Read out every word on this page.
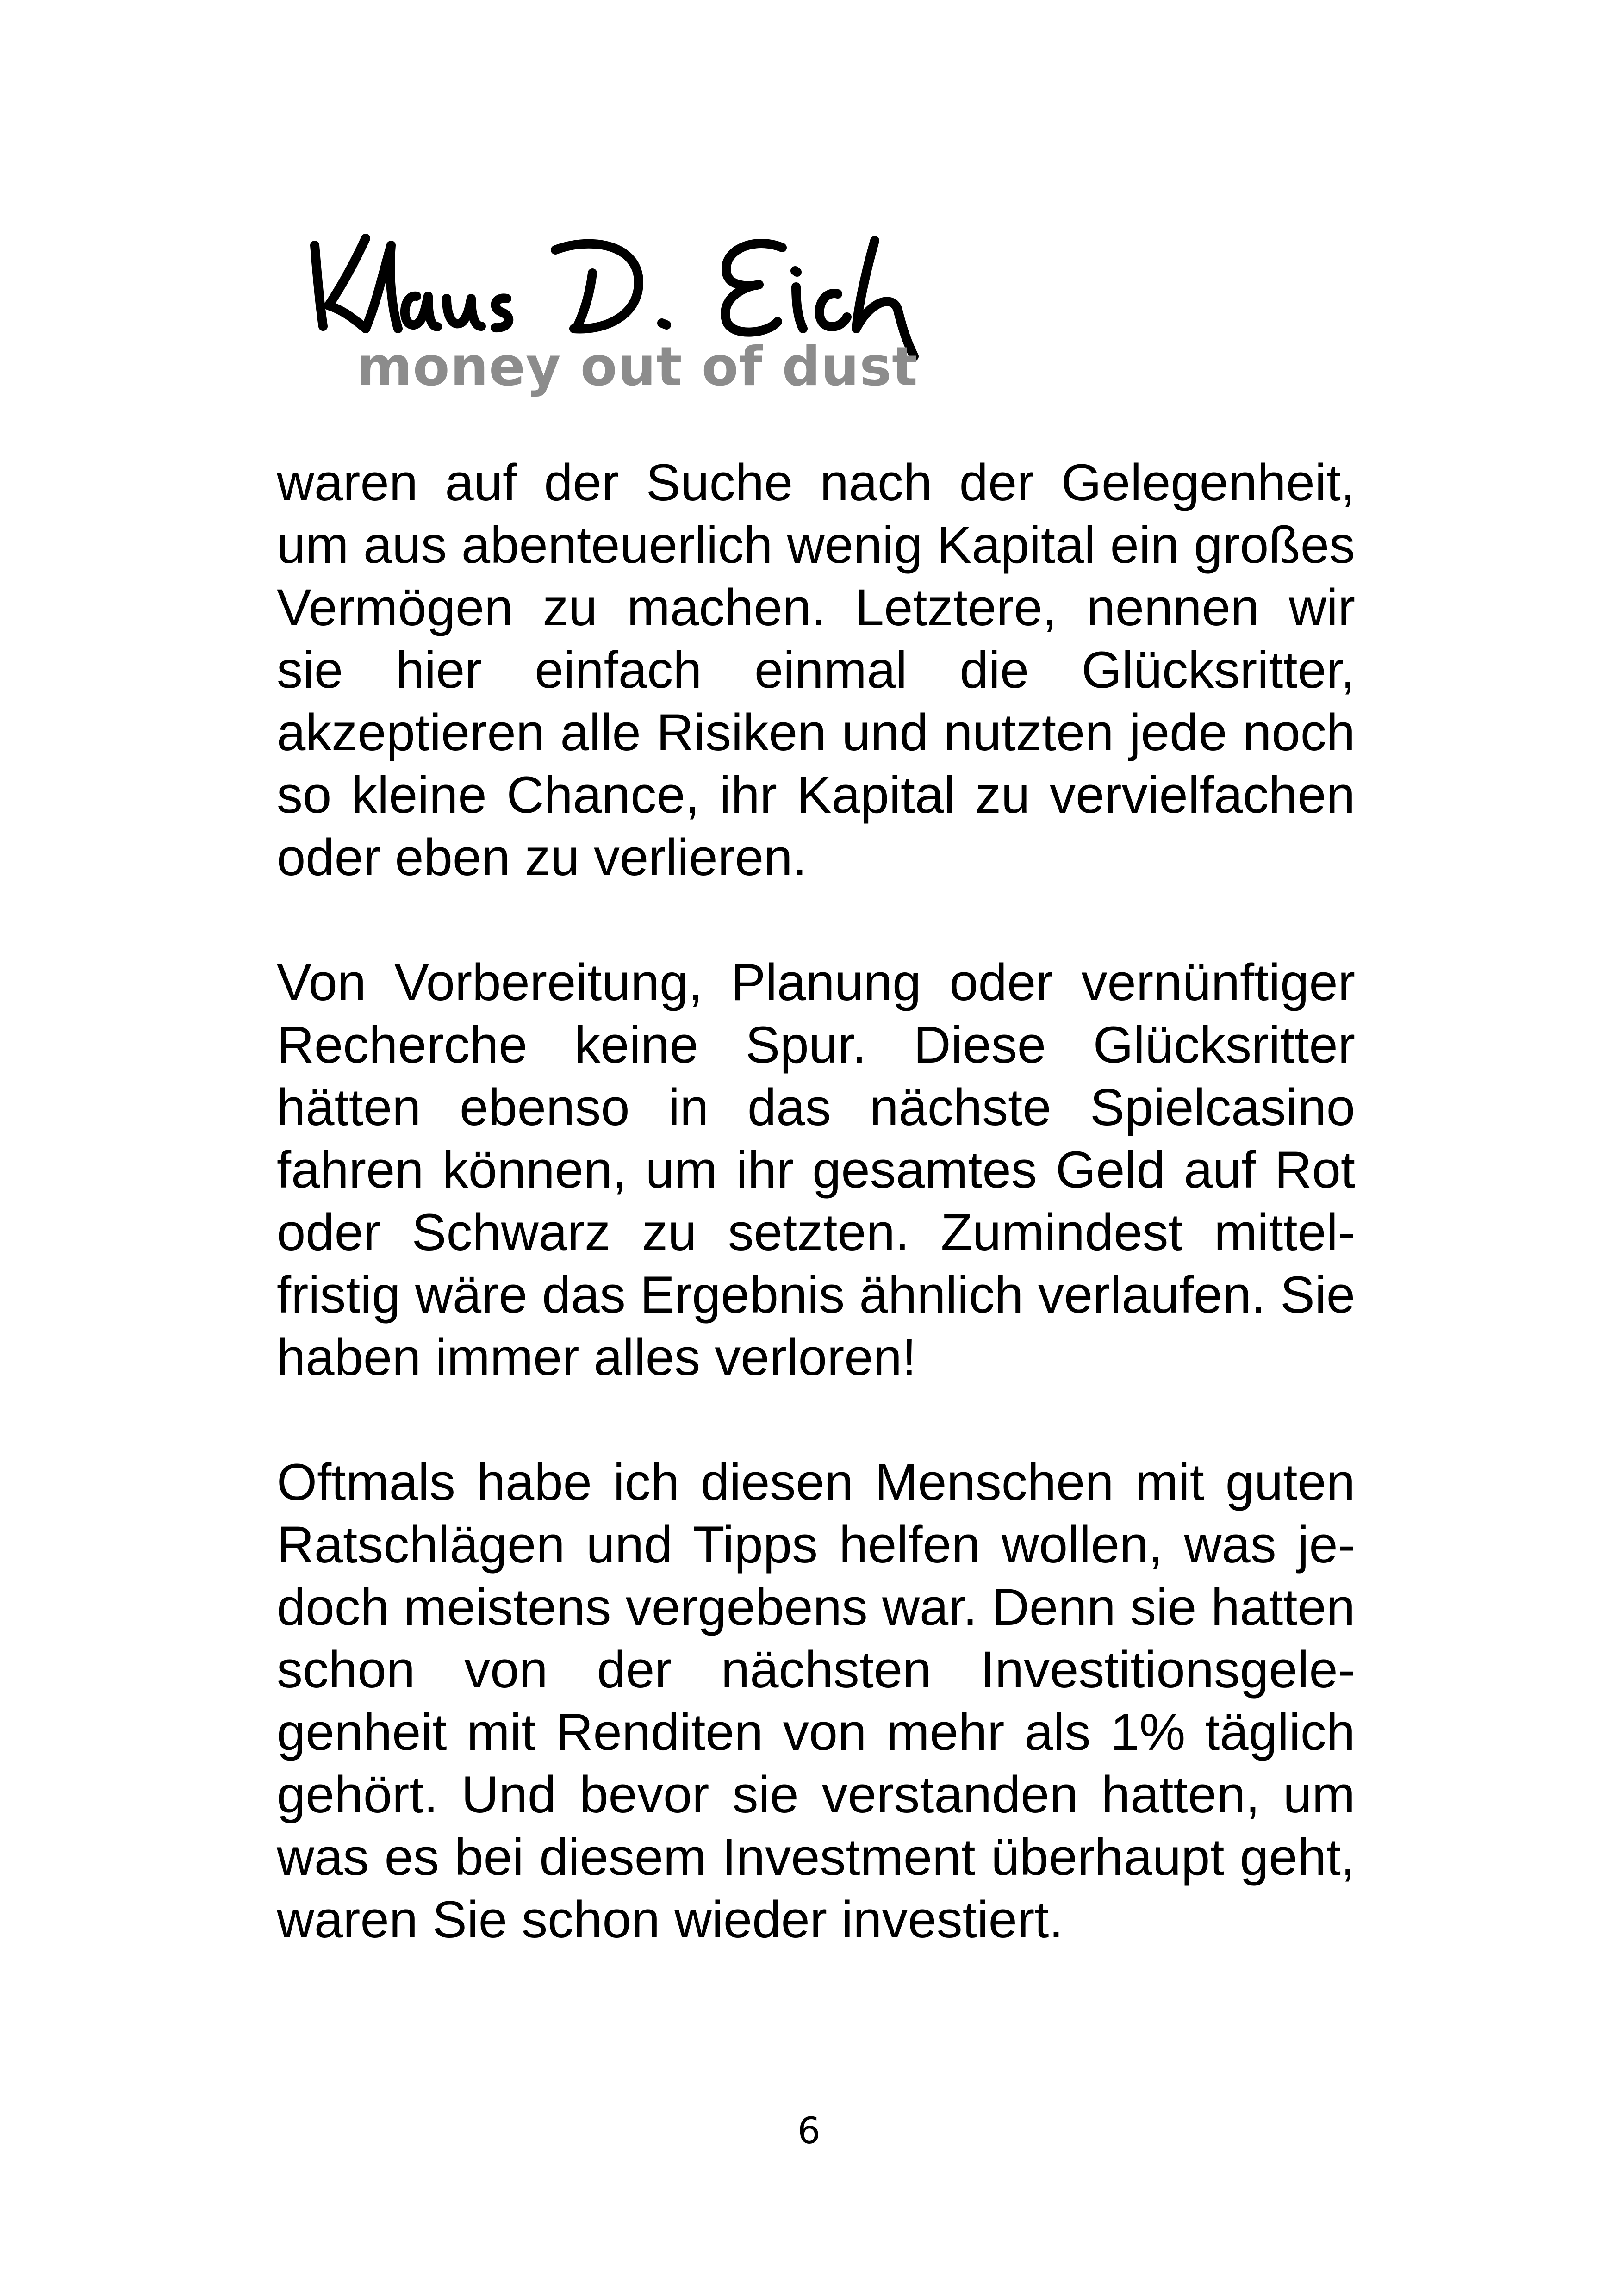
money out of dust

waren auf der Suche nach der Gelegenheit, um aus abenteuerlich wenig Kapital ein großes Vermögen zu machen. Letztere, nennen wir sie hier einfach einmal die Glücksritter, akzeptieren alle Risiken und nutzten jede noch so kleine Chance, ihr Kapital zu vervielfachen oder eben zu verlieren.

Von Vorbereitung, Planung oder vernünftiger Recherche keine Spur. Diese Glücksritter hätten ebenso in das nächste Spielcasino fahren können, um ihr gesamtes Geld auf Rot oder Schwarz zu setzten. Zumindest mittelfristig wäre das Ergebnis ähnlich verlaufen. Sie haben immer alles verloren!

Oftmals habe ich diesen Menschen mit guten Ratschlägen und Tipps helfen wollen, was jedoch meistens vergebens war. Denn sie hatten schon von der nächsten Investitionsgelegenheit mit Renditen von mehr als 1% täglich gehört. Und bevor sie verstanden hatten, um was es bei diesem Investment überhaupt geht, waren Sie schon wieder investiert.

6
